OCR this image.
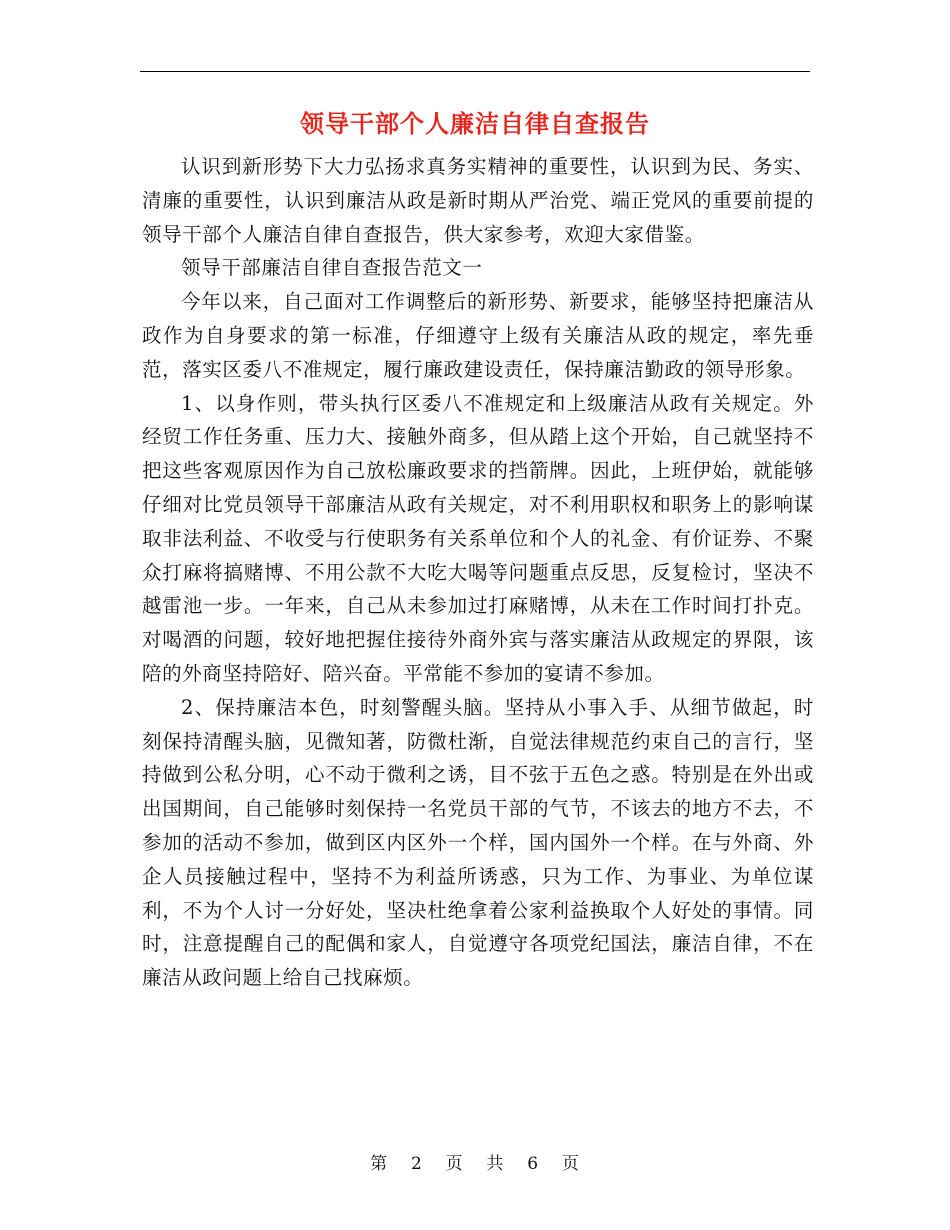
领导干部个人廉洁自律自查报告

认识到新形势下大力弘扬求真务实精神的重要性，认识到为民、务实、清廉的重要性，认识到廉洁从政是新时期从严治党、端正党风的重要前提的领导干部个人廉洁自律自查报告，供大家参考，欢迎大家借鉴。

领导干部廉洁自律自查报告范文一

今年以来，自己面对工作调整后的新形势、新要求，能够坚持把廉洁从政作为自身要求的第一标准，仔细遵守上级有关廉洁从政的规定，率先垂范，落实区委八不准规定，履行廉政建设责任，保持廉洁勤政的领导形象。

1、以身作则，带头执行区委八不准规定和上级廉洁从政有关规定。外经贸工作任务重、压力大、接触外商多，但从踏上这个开始，自己就坚持不把这些客观原因作为自己放松廉政要求的挡箭牌。因此，上班伊始，就能够仔细对比党员领导干部廉洁从政有关规定，对不利用职权和职务上的影响谋取非法利益、不收受与行使职务有关系单位和个人的礼金、有价证券、不聚众打麻将搞赌博、不用公款不大吃大喝等问题重点反思，反复检讨，坚决不越雷池一步。一年来，自己从未参加过打麻赌博，从未在工作时间打扑克。对喝酒的问题，较好地把握住接待外商外宾与落实廉洁从政规定的界限，该陪的外商坚持陪好、陪兴奋。平常能不参加的宴请不参加。

2、保持廉洁本色，时刻警醒头脑。坚持从小事入手、从细节做起，时刻保持清醒头脑，见微知著，防微杜渐，自觉法律规范约束自己的言行，坚持做到公私分明，心不动于微利之诱，目不弦于五色之惑。特别是在外出或出国期间，自己能够时刻保持一名党员干部的气节，不该去的地方不去，不参加的活动不参加，做到区内区外一个样，国内国外一个样。在与外商、外企人员接触过程中，坚持不为利益所诱惑，只为工作、为事业、为单位谋利，不为个人讨一分好处，坚决杜绝拿着公家利益换取个人好处的事情。同时，注意提醒自己的配偶和家人，自觉遵守各项党纪国法，廉洁自律，不在廉洁从政问题上给自己找麻烦。

第 2 页 共 6 页
